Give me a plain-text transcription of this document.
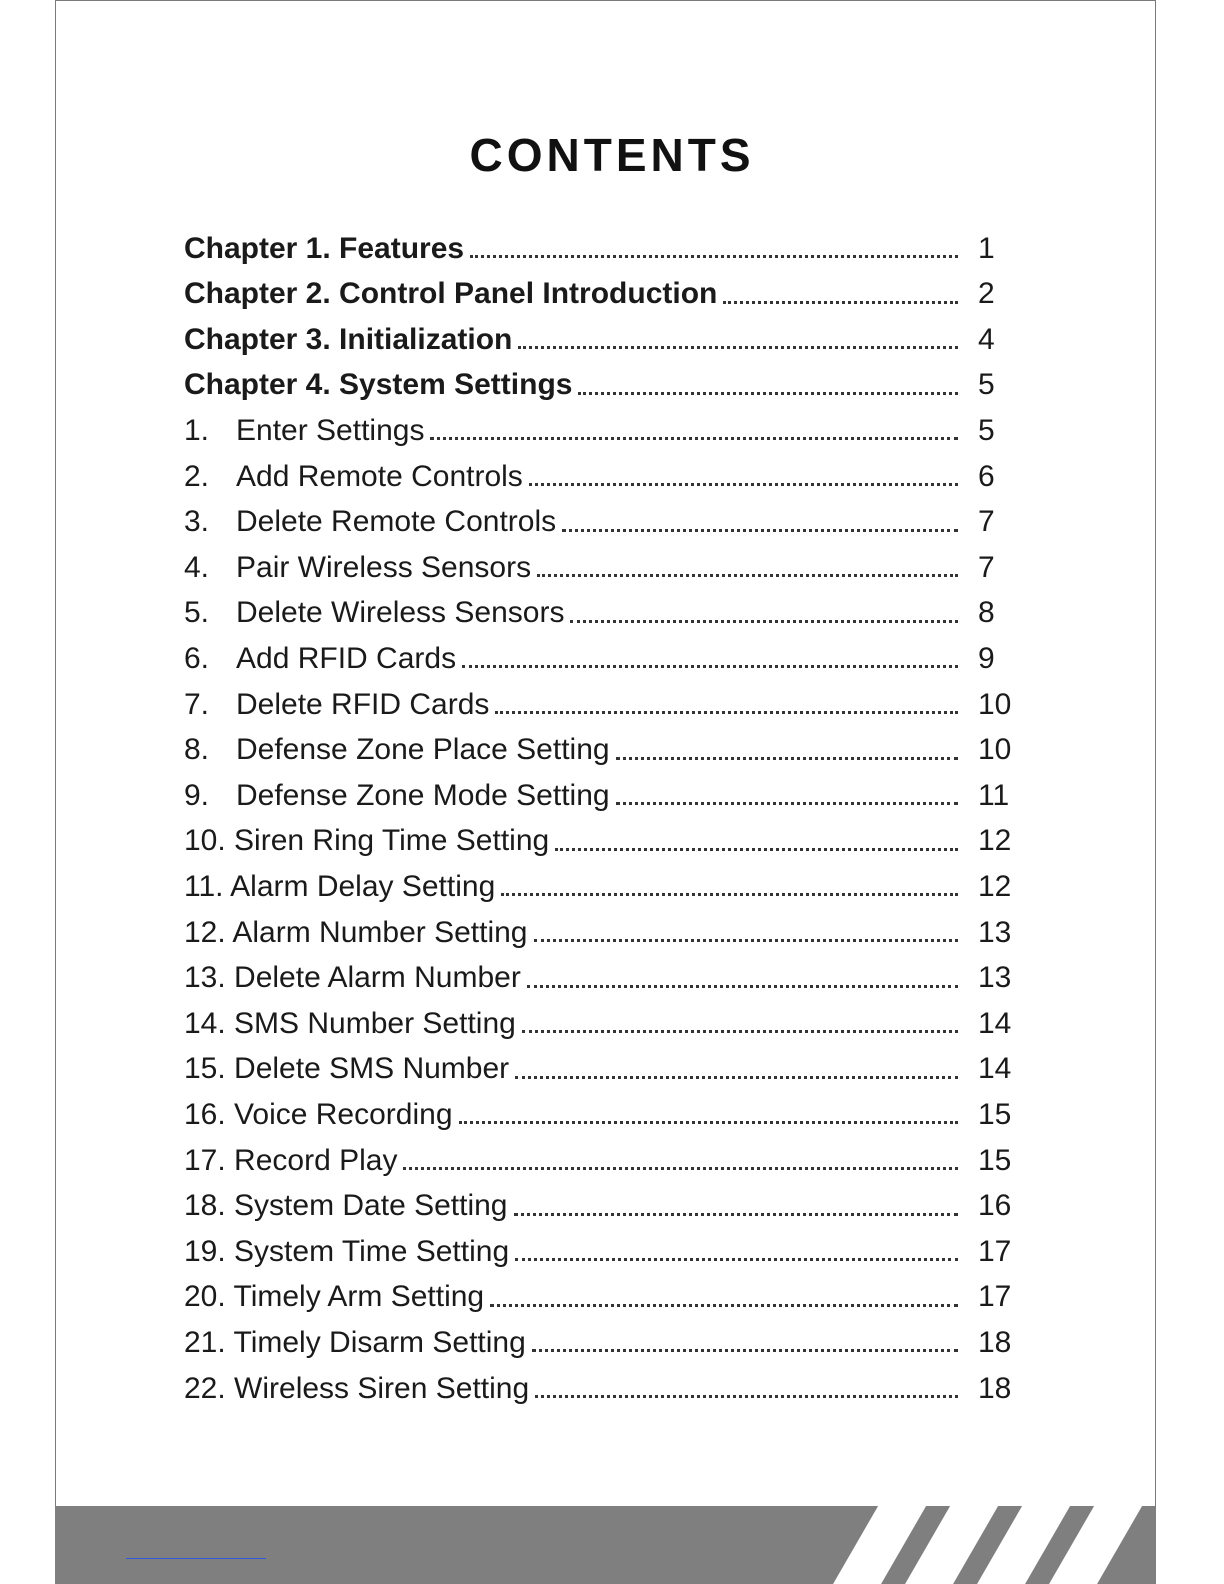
CONTENTS
Chapter 1. Features	1
Chapter 2. Control Panel Introduction	2
Chapter 3. Initialization	4
Chapter 4. System Settings	5
1. Enter Settings	5
2. Add Remote Controls	6
3. Delete Remote Controls	7
4. Pair Wireless Sensors	7
5. Delete Wireless Sensors	8
6. Add RFID Cards	9
7. Delete RFID Cards	10
8. Defense Zone Place Setting	10
9. Defense Zone Mode Setting	11
10. Siren Ring Time Setting	12
11. Alarm Delay Setting	12
12. Alarm Number Setting	13
13. Delete Alarm Number	13
14. SMS Number Setting	14
15. Delete SMS Number	14
16. Voice Recording	15
17. Record Play	15
18. System Date Setting	16
19. System Time Setting	17
20. Timely Arm Setting	17
21. Timely Disarm Setting	18
22. Wireless Siren Setting	18
